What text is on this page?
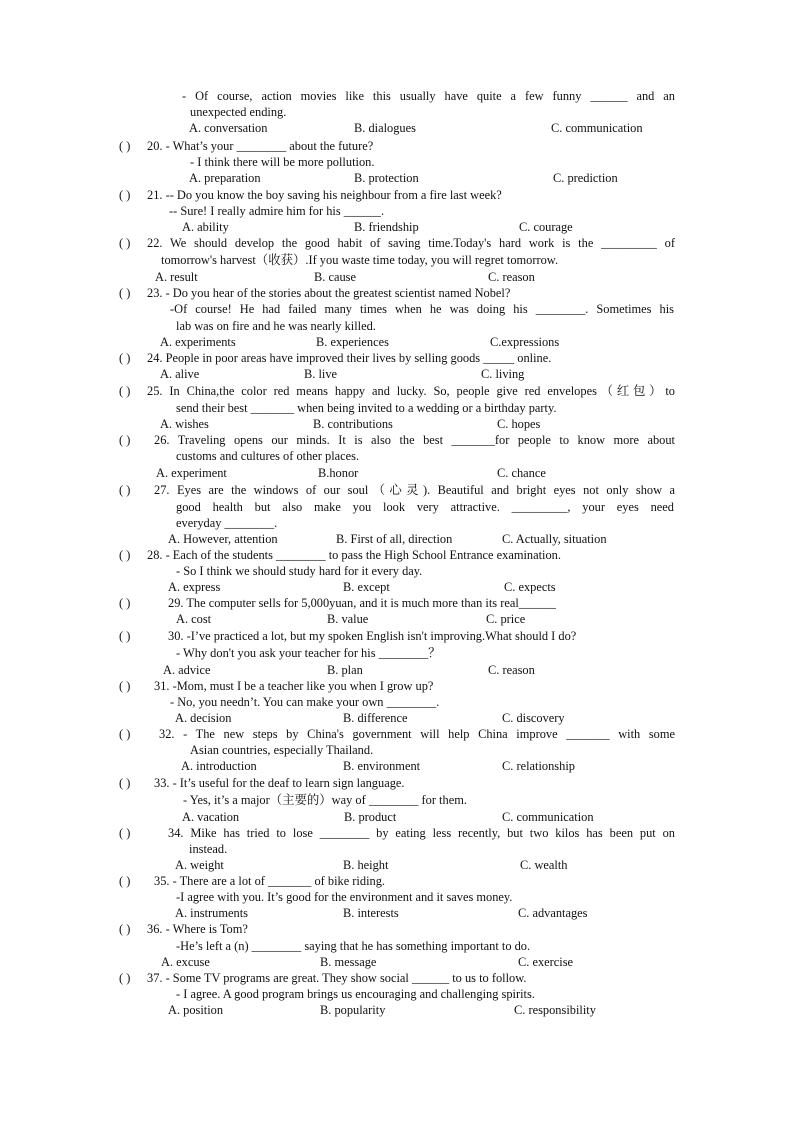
- Of course, action movies like this usually have quite a few funny ______ and an
unexpected ending.
A. conversation	B. dialogues	C. communication
( ) 20. - What’s your ________ about the future?
- I think there will be more pollution.
A. preparation	B. protection	C. prediction
( ) 21. -- Do you know the boy saving his neighbour from a fire last week?
-- Sure! I really admire him for his ______.
A. ability	B. friendship	C. courage
( ) 22. We should develop the good habit of saving time.Today's hard work is the _________ of
tomorrow's harvest（收获）.If you waste time today, you will regret tomorrow.
A. result	B. cause	C. reason
( ) 23. - Do you hear of the stories about the greatest scientist named Nobel?
-Of course! He had failed many times when he was doing his ________. Sometimes his
lab was on fire and he was nearly killed.
A. experiments	B. experiences	C.expressions
( ) 24. People in poor areas have improved their lives by selling goods _____ online.
A. alive	B. live	C. living
( ) 25. In China,the color red means happy and lucky. So, people give red envelopes（红包）to
send their best _______ when being invited to a wedding or a birthday party.
A. wishes	B. contributions	C. hopes
( ) 26. Traveling opens our minds. It is also the best _______for people to know more about
customs and cultures of other places.
A. experiment	B.honor	C. chance
( ) 27. Eyes are the windows of our soul（心灵). Beautiful and bright eyes not only show a
good health but also make you look very attractive. _________, your eyes need
everyday ________.
A. However, attention	B. First of all, direction	C. Actually, situation
( ) 28. - Each of the students ________ to pass the High School Entrance examination.
- So I think we should study hard for it every day.
A. express	B. except	C. expects
( )	29. The computer sells for 5,000yuan, and it is much more than its real______
A. cost	B. value	C. price
( )	30. -I’ve practiced a lot, but my spoken English isn't improving.What should I do?
- Why don't you ask your teacher for his ________？
A. advice	B. plan	C. reason
( ) 31. -Mom, must I be a teacher like you when I grow up?
- No, you needn’t. You can make your own ________.
A. decision	B. difference	C. discovery
( ) 32. - The new steps by China's government will help China improve _______ with some
Asian countries, especially Thailand.
A. introduction	B. environment	C. relationship
( ) 33. - It’s useful for the deaf to learn sign language.
- Yes, it’s a major（主要的）way of ________ for them.
A. vacation	B. product	C. communication
( )	34. Mike has tried to lose ________ by eating less recently, but two kilos has been put on
instead.
A. weight	B. height	C. wealth
( ) 35. - There are a lot of _______ of bike riding.
-I agree with you. It’s good for the environment and it saves money.
A. instruments	B. interests	C. advantages
( ) 36. - Where is Tom?
-He’s left a (n) ________ saying that he has something important to do.
A. excuse	B. message	C. exercise
( ) 37. - Some TV programs are great. They show social ______ to us to follow.
- I agree. A good program brings us encouraging and challenging spirits.
A. position	B. popularity	C. responsibility
